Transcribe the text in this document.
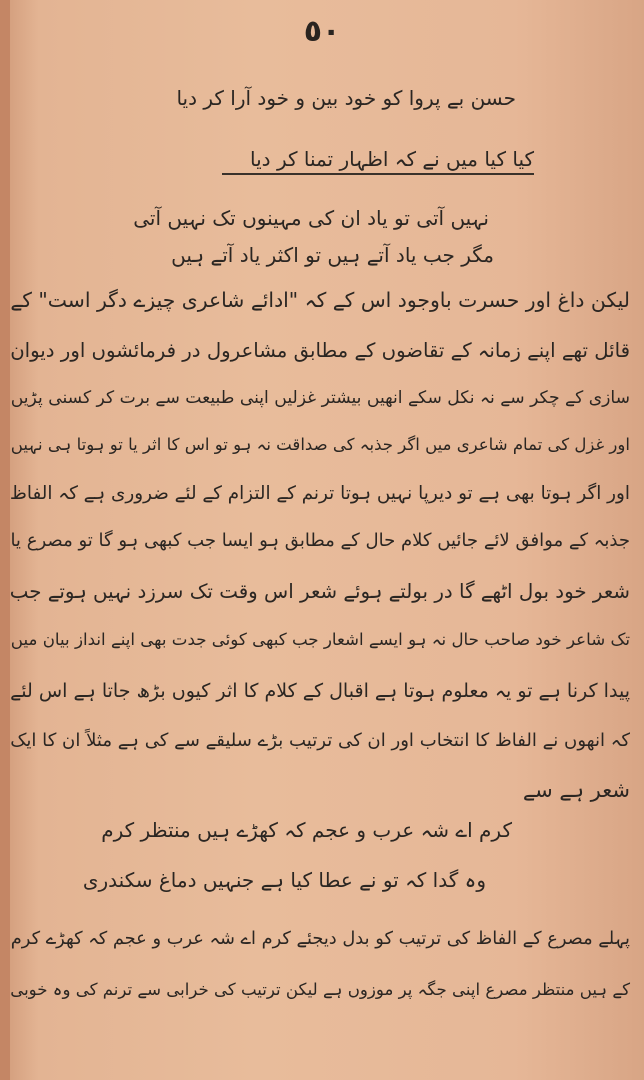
٥٠
حسن بے پروا کو خود بین و خود آرا کر دیا
کیا کیا میں نے کہ اظہار تمنا کر دیا
نہیں آتی تو یاد ان کی مہینوں تک نہیں آتی
مگر جب یاد آتے ہیں تو اکثر یاد آتے ہیں
لیکن داغ اور حسرت باوجود اس کے کہ "ادائے شاعری چیزے دگر است" کے
قائل تھے اپنے زمانہ کے تقاضوں کے مطابق مشاعرول در فرمائشوں اور دیوان
سازی کے چکر سے نہ نکل سکے انھیں بیشتر غزلیں اپنی طبیعت سے برت کر کسنی پڑیں
اور غزل کی تمام شاعری میں اگر جذبہ کی صداقت نہ ہو تو اس کا اثر یا تو ہوتا ہی نہیں
اور اگر ہوتا بھی ہے تو دیرپا نہیں ہوتا ترنم کے التزام کے لئے ضروری ہے کہ الفاظ
جذبہ کے موافق لائے جائیں کلام حال کے مطابق ہو ایسا جب کبھی ہو گا تو مصرع یا
شعر خود بول اٹھے گا در بولتے ہوئے شعر اس وقت تک سرزد نہیں ہوتے جب
تک شاعر خود صاحب حال نہ ہو ایسے اشعار جب کبھی کوئی جدت بھی اپنے انداز بیان میں
پیدا کرنا ہے تو یہ معلوم ہوتا ہے اقبال کے کلام کا اثر کیوں بڑھ جاتا ہے اس لئے
کہ انھوں نے الفاظ کا انتخاب اور ان کی ترتیب بڑے سلیقے سے کی ہے مثلاً ان کا ایک
شعر ہے سے
کرم اے شہ عرب و عجم کہ کھڑے ہیں منتظر کرم
وہ گدا کہ تو نے عطا کیا ہے جنہیں دماغ سکندری
پہلے مصرع کے الفاظ کی ترتیب کو بدل دیجئے کرم اے شہ عرب و عجم کہ کھڑے کرم
کے ہیں منتظر مصرع اپنی جگہ پر موزوں ہے لیکن ترتیب کی خرابی سے ترنم کی وہ خوبی
